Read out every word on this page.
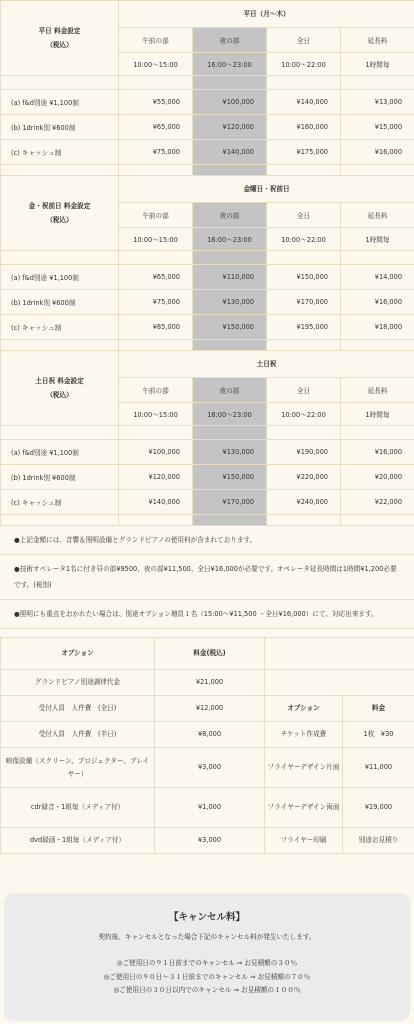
平日 料金設定
（税込）	平日（月〜木）			
	午前の部	夜の部	全日	延長料
	10:00〜15:00	16:00〜23:00	10:00〜22:00	1時間毎

(a) f&d別途 ¥1,100制	¥55,000	¥100,000	¥140,000	¥13,000
(b) 1drink別 ¥600制	¥65,000	¥120,000	¥160,000	¥15,000
(c) キャッシュ制	¥75,000	¥140,000	¥175,000	¥16,000

金・祝前日 料金設定
（税込）	金曜日・祝前日			
	午前の部	夜の部	全日	延長料
	10:00〜15:00	16:00〜23:00	10:00〜22:00	1時間毎

(a) f&d別途 ¥1,100制	¥65,000	¥110,000	¥150,000	¥14,000
(b) 1drink別 ¥600制	¥75,000	¥130,000	¥170,000	¥16,000
(c) キャッシュ制	¥85,000	¥150,000	¥195,000	¥18,000

土日祝 料金設定
（税込）	土日祝			
	午前の部	夜の部	全日	延長料
	10:00〜15:00	16:00〜23:00	10:00〜22:00	1時間毎

(a) f&d別途 ¥1,100制	¥100,000	¥130,000	¥190,000	¥16,000
(b) 1drink別 ¥600制	¥120,000	¥150,000	¥220,000	¥20,000
(c) キャッシュ制	¥140,000	¥170,000	¥240,000	¥22,000

●上記金額には、音響＆照明設備とグランドピアノの使用料が含まれております。
●技術オペレータ1名に付き昼の部¥9500、夜の部¥11,500、全日¥16,000が必要です。オペレータ延長時間は1時間¥1,200必要です。(税別)
●照明にも重点をおかれたい場合は、別途オプション増員１名（15:00〜¥11,500 ・全日¥16,000）にて、対応出来ます。
オプション	料金(税込)		
グランドピアノ別途調律代金	¥21,000		
受付人員　人件費　(全日)	¥12,000	オプション	料金
受付人員　人件費　(半日)	¥8,000	チケット作成費	1枚　¥30
映像設備（スクリーン、プロジェクター、プレイヤー）	¥3,000	フライヤーデザイン片面	¥11,000
cdr録音・1組毎（メディア付）	¥1,000	フライヤーデザイン両面	¥19,000
dvd録画・1組毎（メディア付）	¥3,000	フライヤー印刷	別途お見積り
【キャンセル料】

契約後、キャンセルとなった場合下記のキャンセル料が発生いたします。

◎ご使用日の９１日前までのキャンセル ⇒ お見積額の３０％
◎ご使用日の９０日〜３１日前までのキャンセル ⇒ お見積額の７０％
◎ご使用日の３０日以内でのキャンセル ⇒ お見積額の１００％
